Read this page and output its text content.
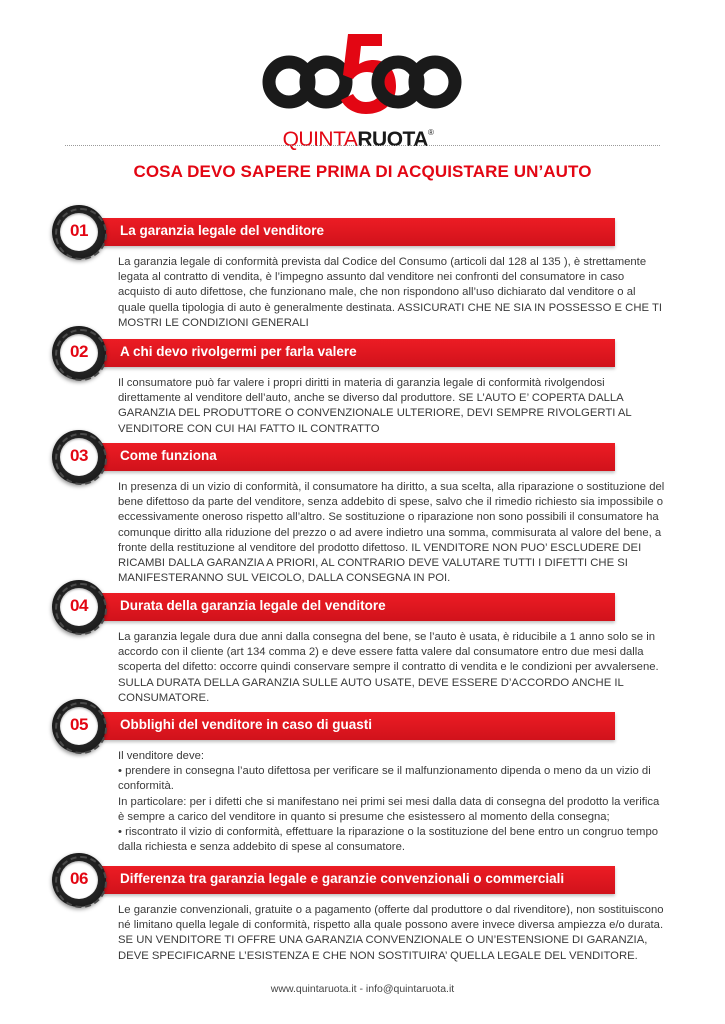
QUINTARUOTA®
COSA DEVO SAPERE PRIMA DI ACQUISTARE UN’AUTO
La garanzia legale del venditore
01

La garanzia legale di conformità prevista dal Codice del Consumo (articoli dal 128 al 135 ), è strettamente legata al contratto di vendita, è l’impegno assunto dal venditore nei confronti del consumatore in caso acquisto di auto difettose, che funzionano male, che non rispondono all’uso dichiarato dal venditore o al quale quella tipologia di auto è generalmente destinata. ASSICURATI CHE NE SIA IN POSSESSO E CHE TI MOSTRI LE CONDIZIONI GENERALI

A chi devo rivolgermi per farla valere
02

Il consumatore può far valere i propri diritti in materia di garanzia legale di conformità rivolgendosi direttamente al venditore dell’auto, anche se diverso dal produttore. SE L’AUTO E’ COPERTA DALLA GARANZIA DEL PRODUTTORE O CONVENZIONALE ULTERIORE, DEVI SEMPRE RIVOLGERTI AL VENDITORE CON CUI HAI FATTO IL CONTRATTO

Come funziona
03

In presenza di un vizio di conformità, il consumatore ha diritto, a sua scelta, alla riparazione o sostituzione del bene difettoso da parte del venditore, senza addebito di spese, salvo che il rimedio richiesto sia impossibile o eccessivamente oneroso rispetto all’altro. Se sostituzione o riparazione non sono possibili il consumatore ha comunque diritto alla riduzione del prezzo o ad avere indietro una somma, commisurata al valore del bene, a fronte della restituzione al venditore del prodotto difettoso. IL VENDITORE NON PUO’ ESCLUDERE DEI RICAMBI DALLA GARANZIA A PRIORI, AL CONTRARIO DEVE VALUTARE TUTTI I DIFETTI CHE SI MANIFESTERANNO SUL VEICOLO, DALLA CONSEGNA IN POI.

Durata della garanzia legale del venditore
04

La garanzia legale dura due anni dalla consegna del bene, se l’auto è usata, è riducibile a 1 anno solo se in accordo con il cliente (art 134 comma 2) e deve essere fatta valere dal consumatore entro due mesi dalla scoperta del difetto: occorre quindi conservare sempre il contratto di vendita e le condizioni per avvalersene. SULLA DURATA DELLA GARANZIA SULLE AUTO USATE, DEVE ESSERE D’ACCORDO ANCHE IL CONSUMATORE.

Obblighi del venditore in caso di guasti
05

Il venditore deve:

• prendere in consegna l’auto difettosa per verificare se il malfunzionamento dipenda o meno da un vizio di conformità.

In particolare: per i difetti che si manifestano nei primi sei mesi dalla data di consegna del prodotto la verifica è sempre a carico del venditore in quanto si presume che esistessero al momento della consegna;

• riscontrato il vizio di conformità, effettuare la riparazione o la sostituzione del bene entro un congruo tempo dalla richiesta e senza addebito di spese al consumatore.

Differenza tra garanzia legale e garanzie convenzionali o commerciali
06

Le garanzie convenzionali, gratuite o a pagamento (offerte dal produttore o dal rivenditore), non sostituiscono né limitano quella legale di conformità, rispetto alla quale possono avere invece diversa ampiezza e/o durata. SE UN VENDITORE TI OFFRE UNA GARANZIA CONVENZIONALE O UN’ESTENSIONE DI GARANZIA, DEVE SPECIFICARNE L’ESISTENZA E CHE NON SOSTITUIRA’ QUELLA LEGALE DEL VENDITORE.

www.quintaruota.it - info@quintaruota.it
